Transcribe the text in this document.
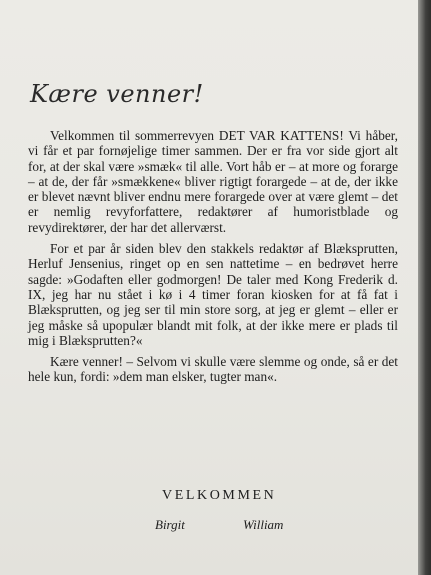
Kære venner!

Velkommen til sommerrevyen DET VAR KATTENS! Vi håber, vi får et par fornøjelige timer sammen. Der er fra vor side gjort alt for, at der skal være »smæk« til alle. Vort håb er – at more og forarge – at de, der får »smækkene« bliver rigtigt forargede – at de, der ikke er blevet nævnt bliver endnu mere forargede over at være glemt – det er nemlig revyforfattere, redaktører af humoristblade og revydirektører, der har det allerværst.

For et par år siden blev den stakkels redaktør af Blæksprutten, Herluf Jensenius, ringet op en sen nattetime – en bedrøvet herre sagde: »Godaften eller godmorgen! De taler med Kong Frederik d. IX, jeg har nu stået i kø i 4 timer foran kiosken for at få fat i Blæksprutten, og jeg ser til min store sorg, at jeg er glemt – eller er jeg måske så upopulær blandt mit folk, at der ikke mere er plads til mig i Blæksprutten?«

Kære venner! – Selvom vi skulle være slemme og onde, så er det hele kun, fordi: »dem man elsker, tugter man«.

VELKOMMEN
Birgit	William
